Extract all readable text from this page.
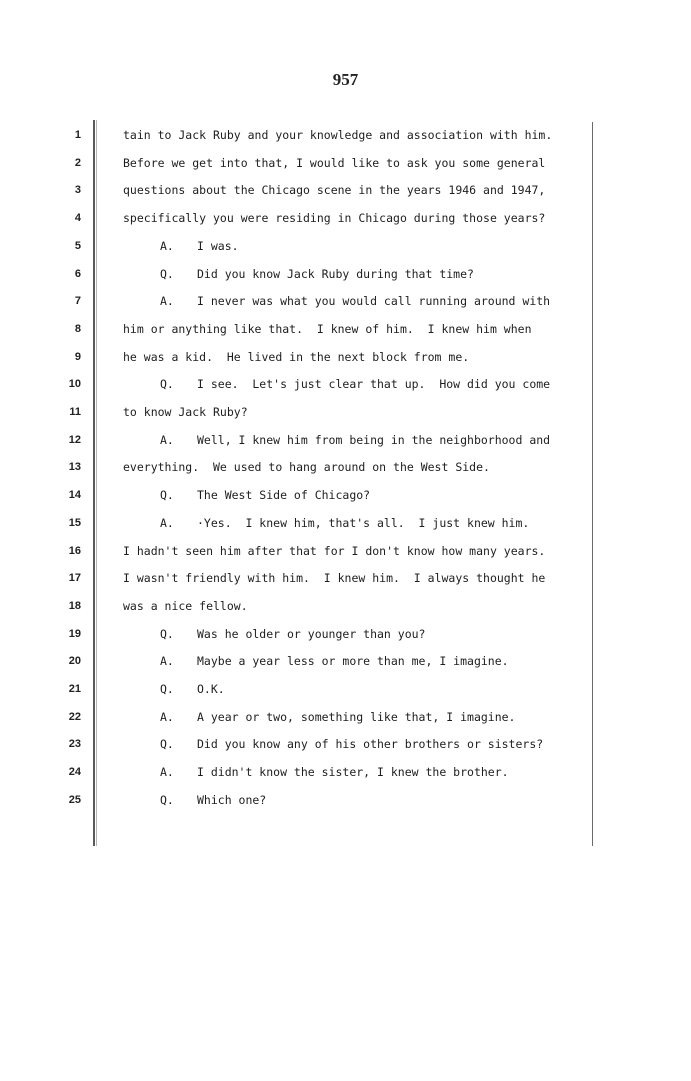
957
1	tain to Jack Ruby and your knowledge and association with him.
2	Before we get into that, I would like to ask you some general
3	questions about the Chicago scene in the years 1946 and 1947,
4	specifically you were residing in Chicago during those years?
5	A. I was.
6	Q. Did you know Jack Ruby during that time?
7	A. I never was what you would call running around with
8	him or anything like that.  I knew of him.  I knew him when
9	he was a kid.  He lived in the next block from me.
10	Q. I see.  Let's just clear that up.  How did you come
11	to know Jack Ruby?
12	A. Well, I knew him from being in the neighborhood and
13	everything.  We used to hang around on the West Side.
14	Q. The West Side of Chicago?
15	A. ·Yes.  I knew him, that's all.  I just knew him.
16	I hadn't seen him after that for I don't know how many years.
17	I wasn't friendly with him.  I knew him.  I always thought he
18	was a nice fellow.
19	Q. Was he older or younger than you?
20	A. Maybe a year less or more than me, I imagine.
21	Q. O.K.
22	A. A year or two, something like that, I imagine.
23	Q. Did you know any of his other brothers or sisters?
24	A. I didn't know the sister, I knew the brother.
25	Q. Which one?
